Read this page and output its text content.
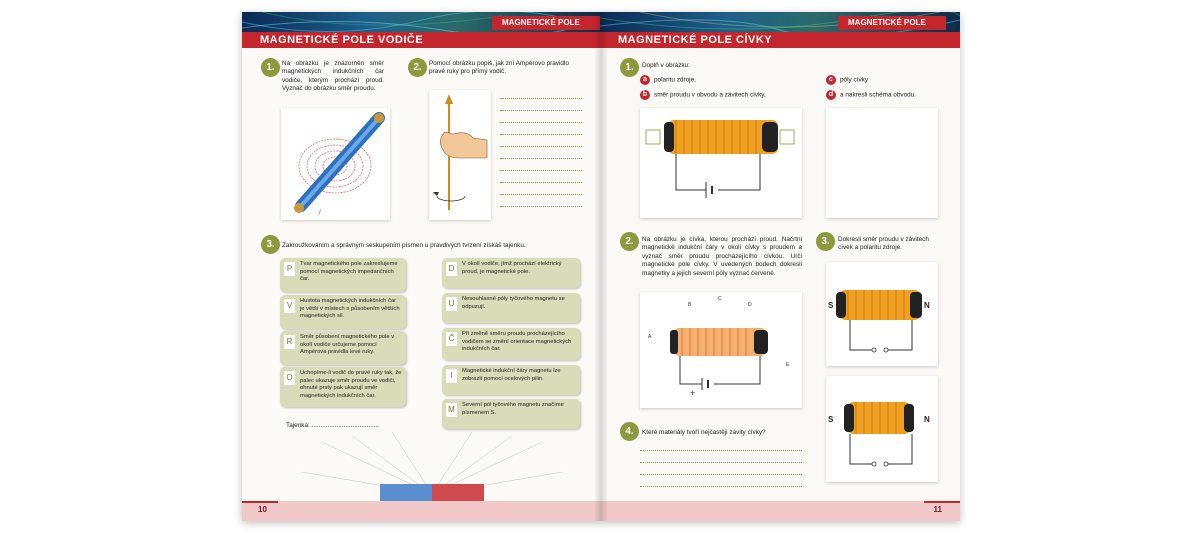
MAGNETICKÉ POLE
MAGNETICKÉ POLE VODIČE
1.	Na obrázku je znázorněn směr magnetických indukčních čar vodiče, kterým prochází proud. Vyznač do obrázku směr proudu.
I
2.	Pomocí obrázku popiš, jak zní Ampérovo pravidlo pravé ruky pro přímý vodič.
3.	Zakroužkováním a správným seskupením písmen u pravdivých tvrzení získáš tajenku.
P	Tvar magnetického pole zakreslujeme pomocí magnetických impedančních čar.
V	Hustota magnetických indukčních čar je větší v místech s působením větších magnetických sil.
R	Směr působení magnetického pole v okolí vodiče určujeme pomocí Ampérova pravidla levé ruky.
O	Uchopíme-li vodič do pravé ruky tak, že palec ukazuje směr proudu ve vodiči, ohnuté prsty pak ukazují směr magnetických indukčních čar.
D	V okolí vodiče, jímž prochází elektrický proud, je magnetické pole.
U	Nesouhlasné póly tyčového magnetu se odpuzují.
Č	Při změně směru proudu procházejícího vodičem se změní orientace magnetických indukčních čar.
I	Magnetické indukční čáry magnetu lze zobrazit pomocí ocelových pilin.
M	Severní pól tyčového magnetu značíme písmenem S.
Tajenka: ......................................
10
MAGNETICKÉ POLE
MAGNETICKÉ POLE CÍVKY
1.	Doplň v obrázku:
a polaritu zdroje,
b směr proudu v obvodu a závitech cívky,
c póly cívky
d a nakresli schéma obvodu.
2.	Na obrázku je cívka, kterou prochází proud. Načrtni magnetické indukční čáry v okolí cívky s proudem a vyznač směr proudu procházejícího cívkou. Urči magnetické pole cívky. V uvedených bodech dokresli magnetky a jejich severní póly vyznač červeně.
A
B
C
D
E
+
3.	Dokresli směr proudu v závitech cívek a polaritu zdroje.
S	N
S	N
4.	Které materiály tvoří nejčastěji závity cívky?
11
